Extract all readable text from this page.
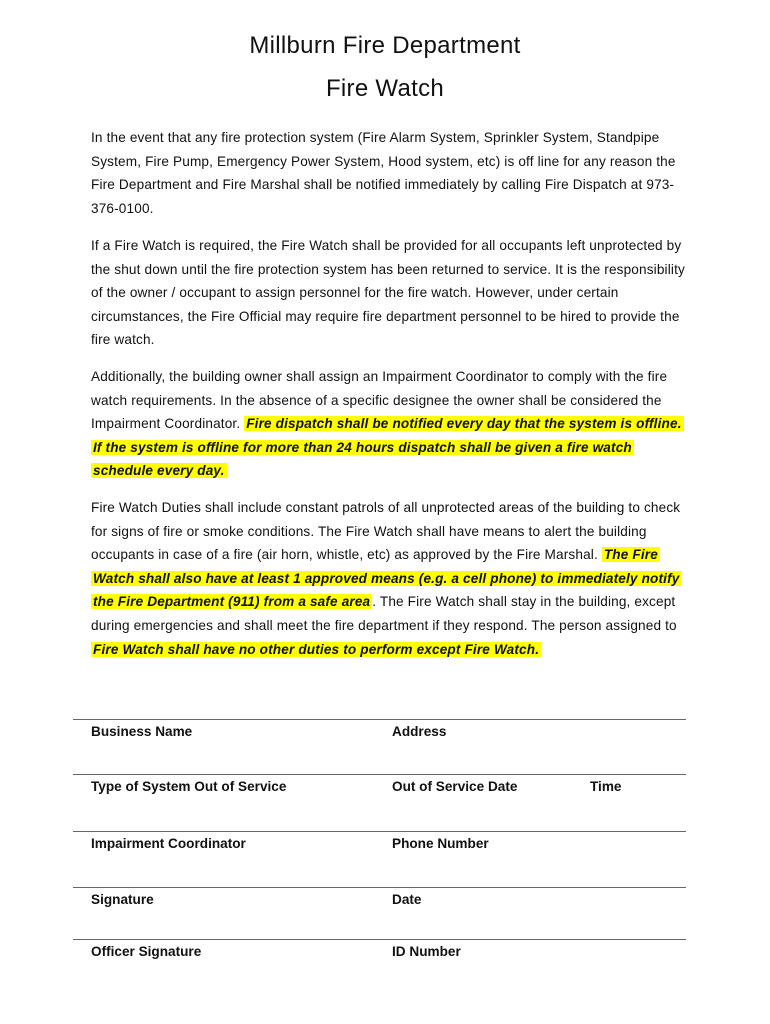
Millburn Fire Department
Fire Watch

In the event that any fire protection system (Fire Alarm System, Sprinkler System, Standpipe System, Fire Pump, Emergency Power System, Hood system, etc) is off line for any reason the Fire Department and Fire Marshal shall be notified immediately by calling Fire Dispatch at 973-376-0100.

If a Fire Watch is required, the Fire Watch shall be provided for all occupants left unprotected by the shut down until the fire protection system has been returned to service. It is the responsibility of the owner / occupant to assign personnel for the fire watch. However, under certain circumstances, the Fire Official may require fire department personnel to be hired to provide the fire watch.

Additionally, the building owner shall assign an Impairment Coordinator to comply with the fire watch requirements. In the absence of a specific designee the owner shall be considered the Impairment Coordinator. Fire dispatch shall be notified every day that the system is offline. If the system is offline for more than 24 hours dispatch shall be given a fire watch schedule every day.

Fire Watch Duties shall include constant patrols of all unprotected areas of the building to check for signs of fire or smoke conditions. The Fire Watch shall have means to alert the building occupants in case of a fire (air horn, whistle, etc) as approved by the Fire Marshal. The Fire Watch shall also have at least 1 approved means (e.g. a cell phone) to immediately notify the Fire Department (911) from a safe area . The Fire Watch shall stay in the building, except during emergencies and shall meet the fire department if they respond. The person assigned to Fire Watch shall have no other duties to perform except Fire Watch.

Business Name	Address
Type of System Out of Service	Out of Service Date	Time
Impairment Coordinator	Phone Number
Signature	Date
Officer Signature	ID Number
